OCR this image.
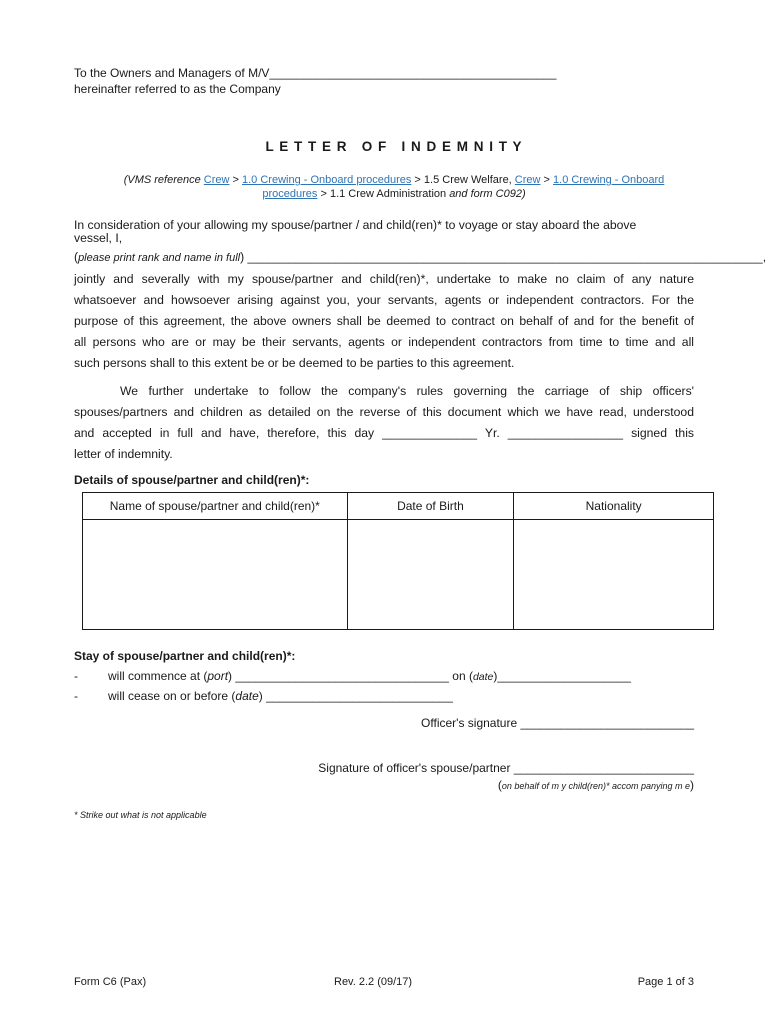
To the Owners and Managers of M/V___________________________________________
hereinafter referred to as the Company
L E T T E R   O F   I N D E M N I T Y
(VMS reference Crew > 1.0 Crewing - Onboard procedures > 1.5 Crew Welfare, Crew > 1.0 Crewing - Onboard
procedures > 1.1 Crew Administration and form C092)
In consideration of your allowing my spouse/partner / and child(ren)* to voyage or stay aboard the above
vessel, I,
(please print rank and name in full) ____________________________________________________________________________,
jointly and severally with my spouse/partner and child(ren)*, undertake to make no claim of any nature
whatsoever and howsoever arising against you, your servants, agents or independent contractors. For the
purpose of this agreement, the above owners shall be deemed to contract on behalf of and for the benefit of
all persons who are or may be their servants, agents or independent contractors from time to time and all
such persons shall to this extent be or be deemed to be parties to this agreement.
We further undertake to follow the company's rules governing the carriage of ship officers'
spouses/partners and children as detailed on the reverse of this document which we have read, understood
and accepted in full and have, therefore, this day ______________ Yr. _________________ signed this
letter of indemnity.
Details of spouse/partner and child(ren)*:
Name of spouse/partner and child(ren)*	Date of Birth	Nationality

Stay of spouse/partner and child(ren)*:
-	will commence at (port) ________________________________ on (date)____________________
-	will cease on or before (date) ____________________________
Officer's signature __________________________
Signature of officer's spouse/partner ___________________________
(on behalf of m y child(ren)* accom panying m e)
* Strike out what is not applicable
Form C6 (Pax)	Rev. 2.2 (09/17)	Page 1 of 3
